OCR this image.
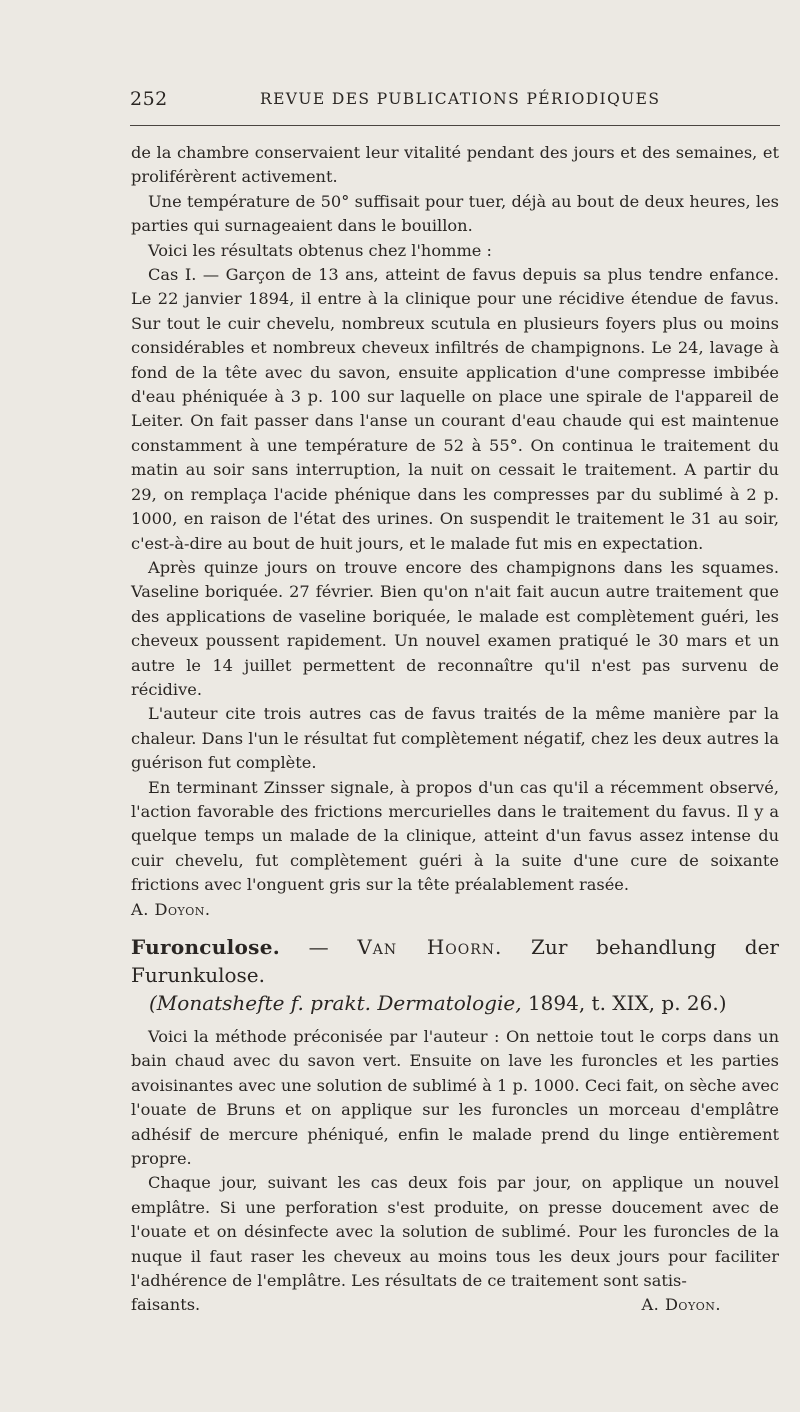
252	REVUE DES PUBLICATIONS PÉRIODIQUES

de la chambre conservaient leur vitalité pendant des jours et des semaines, et proliférèrent activement.

Une température de 50° suffisait pour tuer, déjà au bout de deux heures, les parties qui surnageaient dans le bouillon.

Voici les résultats obtenus chez l'homme :

Cas I. — Garçon de 13 ans, atteint de favus depuis sa plus tendre enfance. Le 22 janvier 1894, il entre à la clinique pour une récidive étendue de favus. Sur tout le cuir chevelu, nombreux scutula en plusieurs foyers plus ou moins considérables et nombreux cheveux infiltrés de champignons. Le 24, lavage à fond de la tête avec du savon, ensuite application d'une compresse imbibée d'eau phéniquée à 3 p. 100 sur laquelle on place une spirale de l'appareil de Leiter. On fait passer dans l'anse un courant d'eau chaude qui est maintenue constamment à une température de 52 à 55°. On continua le traitement du matin au soir sans interruption, la nuit on cessait le traitement. A partir du 29, on remplaça l'acide phénique dans les compresses par du sublimé à 2 p. 1000, en raison de l'état des urines. On suspendit le traitement le 31 au soir, c'est-à-dire au bout de huit jours, et le malade fut mis en expectation.

Après quinze jours on trouve encore des champignons dans les squames. Vaseline boriquée. 27 février. Bien qu'on n'ait fait aucun autre traitement que des applications de vaseline boriquée, le malade est complètement guéri, les cheveux poussent rapidement. Un nouvel examen pratiqué le 30 mars et un autre le 14 juillet permettent de reconnaître qu'il n'est pas survenu de récidive.

L'auteur cite trois autres cas de favus traités de la même manière par la chaleur. Dans l'un le résultat fut complètement négatif, chez les deux autres la guérison fut complète.

En terminant Zinsser signale, à propos d'un cas qu'il a récemment observé, l'action favorable des frictions mercurielles dans le traitement du favus. Il y a quelque temps un malade de la clinique, atteint d'un favus assez intense du cuir chevelu, fut complètement guéri à la suite d'une cure de soixante frictions avec l'onguent gris sur la tête préalablement rasée.

A. Doyon.

Furonculose. — Van Hoorn. Zur behandlung der Furunkulose.

(Monatshefte f. prakt. Dermatologie, 1894, t. XIX, p. 26.)

Voici la méthode préconisée par l'auteur : On nettoie tout le corps dans un bain chaud avec du savon vert. Ensuite on lave les furoncles et les parties avoisinantes avec une solution de sublimé à 1 p. 1000. Ceci fait, on sèche avec l'ouate de Bruns et on applique sur les furoncles un morceau d'emplâtre adhésif de mercure phéniqué, enfin le malade prend du linge entièrement propre.

Chaque jour, suivant les cas deux fois par jour, on applique un nouvel emplâtre. Si une perforation s'est produite, on presse doucement avec de l'ouate et on désinfecte avec la solution de sublimé. Pour les furoncles de la nuque il faut raser les cheveux au moins tous les deux jours pour faciliter l'adhérence de l'emplâtre. Les résultats de ce traitement sont satis-

faisants.	A. Doyon.
